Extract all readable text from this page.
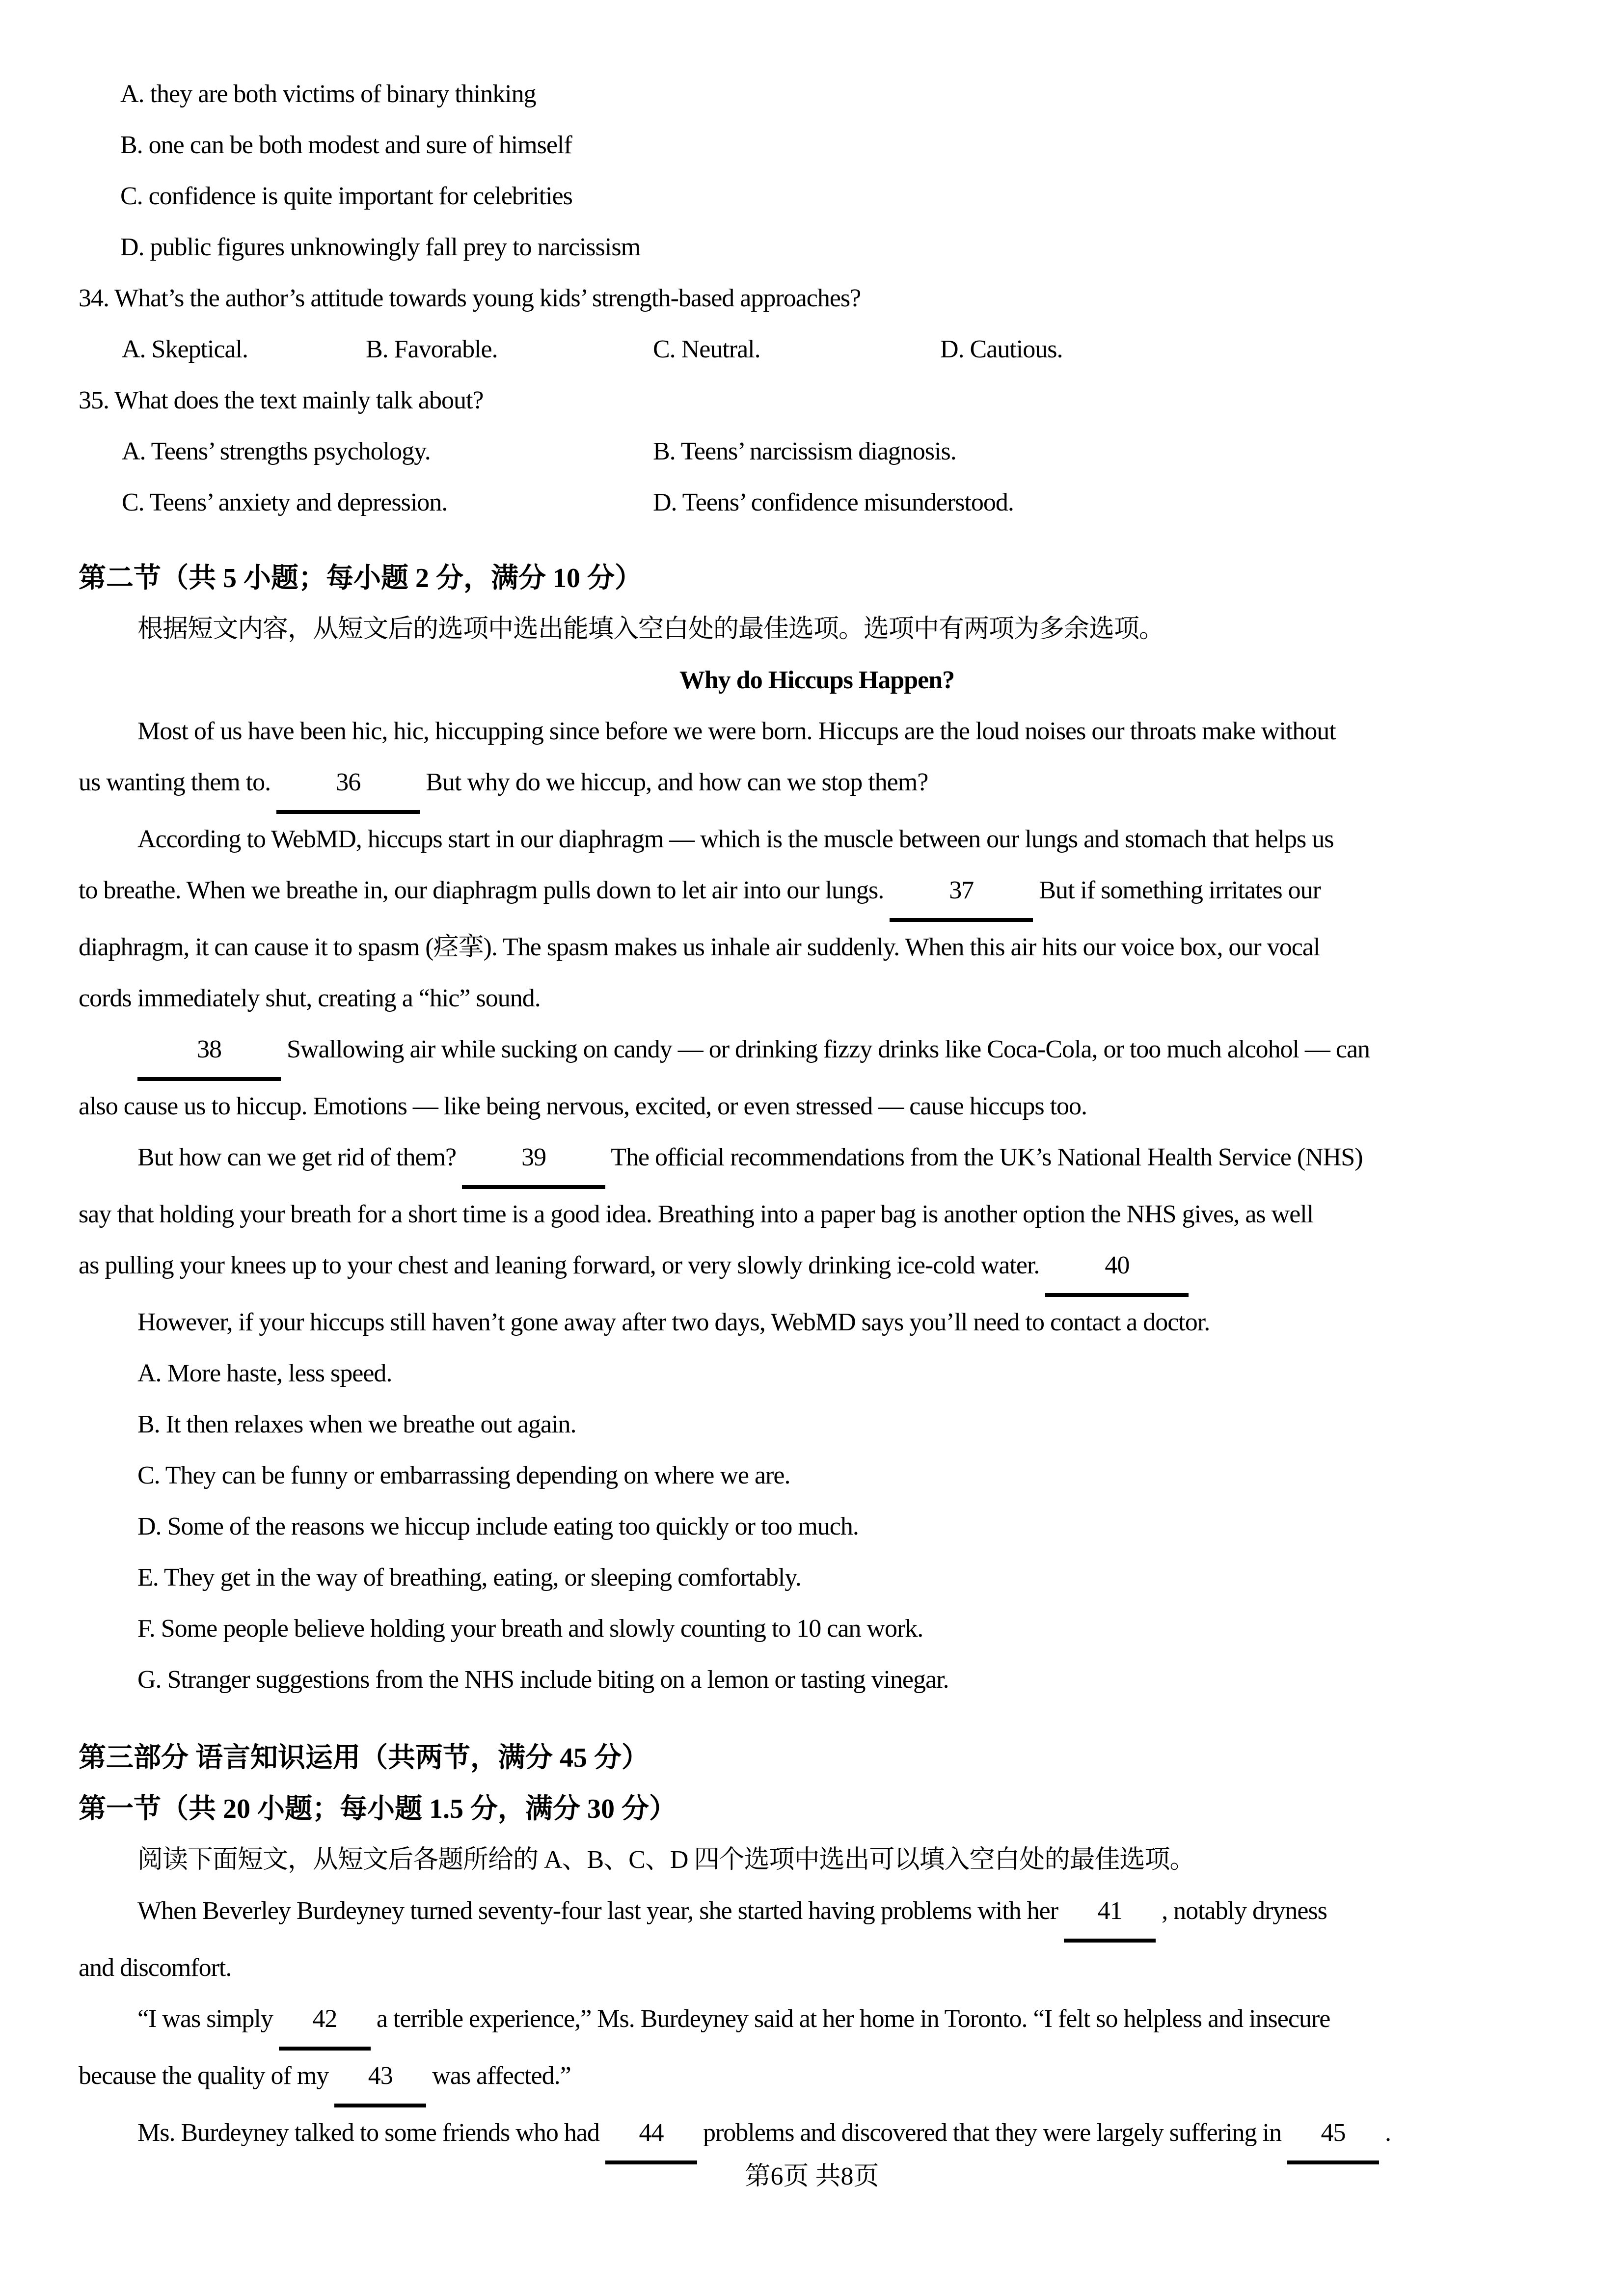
A. they are both victims of binary thinking
B. one can be both modest and sure of himself
C. confidence is quite important for celebrities
D. public figures unknowingly fall prey to narcissism
34. What’s the author’s attitude towards young kids’ strength-based approaches?
A. Skeptical.	B. Favorable.	C. Neutral.	D. Cautious.
35. What does the text mainly talk about?
A. Teens’ strengths psychology.	B. Teens’ narcissism diagnosis.
C. Teens’ anxiety and depression.	D. Teens’ confidence misunderstood.
第二节（共 5 小题；每小题 2 分，满分 10 分）
根据短文内容，从短文后的选项中选出能填入空白处的最佳选项。选项中有两项为多余选项。
Why do Hiccups Happen?
Most of us have been hic, hic, hiccupping since before we were born. Hiccups are the loud noises our throats make without
us wanting them to. 36 But why do we hiccup, and how can we stop them?
According to WebMD, hiccups start in our diaphragm — which is the muscle between our lungs and stomach that helps us
to breathe. When we breathe in, our diaphragm pulls down to let air into our lungs. 37 But if something irritates our
diaphragm, it can cause it to spasm (痉挛). The spasm makes us inhale air suddenly. When this air hits our voice box, our vocal
cords immediately shut, creating a “hic” sound.
38 Swallowing air while sucking on candy — or drinking fizzy drinks like Coca-Cola, or too much alcohol — can
also cause us to hiccup. Emotions — like being nervous, excited, or even stressed — cause hiccups too.
But how can we get rid of them? 39 The official recommendations from the UK’s National Health Service (NHS)
say that holding your breath for a short time is a good idea. Breathing into a paper bag is another option the NHS gives, as well
as pulling your knees up to your chest and leaning forward, or very slowly drinking ice-cold water. 40
However, if your hiccups still haven’t gone away after two days, WebMD says you’ll need to contact a doctor.
A. More haste, less speed.
B. It then relaxes when we breathe out again.
C. They can be funny or embarrassing depending on where we are.
D. Some of the reasons we hiccup include eating too quickly or too much.
E. They get in the way of breathing, eating, or sleeping comfortably.
F. Some people believe holding your breath and slowly counting to 10 can work.
G. Stranger suggestions from the NHS include biting on a lemon or tasting vinegar.
第三部分 语言知识运用（共两节，满分 45 分）
第一节（共 20 小题；每小题 1.5 分，满分 30 分）
阅读下面短文，从短文后各题所给的 A、B、C、D 四个选项中选出可以填入空白处的最佳选项。
When Beverley Burdeyney turned seventy-four last year, she started having problems with her 41 , notably dryness
and discomfort.
“I was simply 42 a terrible experience,” Ms. Burdeyney said at her home in Toronto. “I felt so helpless and insecure
because the quality of my 43 was affected.”
Ms. Burdeyney talked to some friends who had 44 problems and discovered that they were largely suffering in 45 .
第6页 共8页
